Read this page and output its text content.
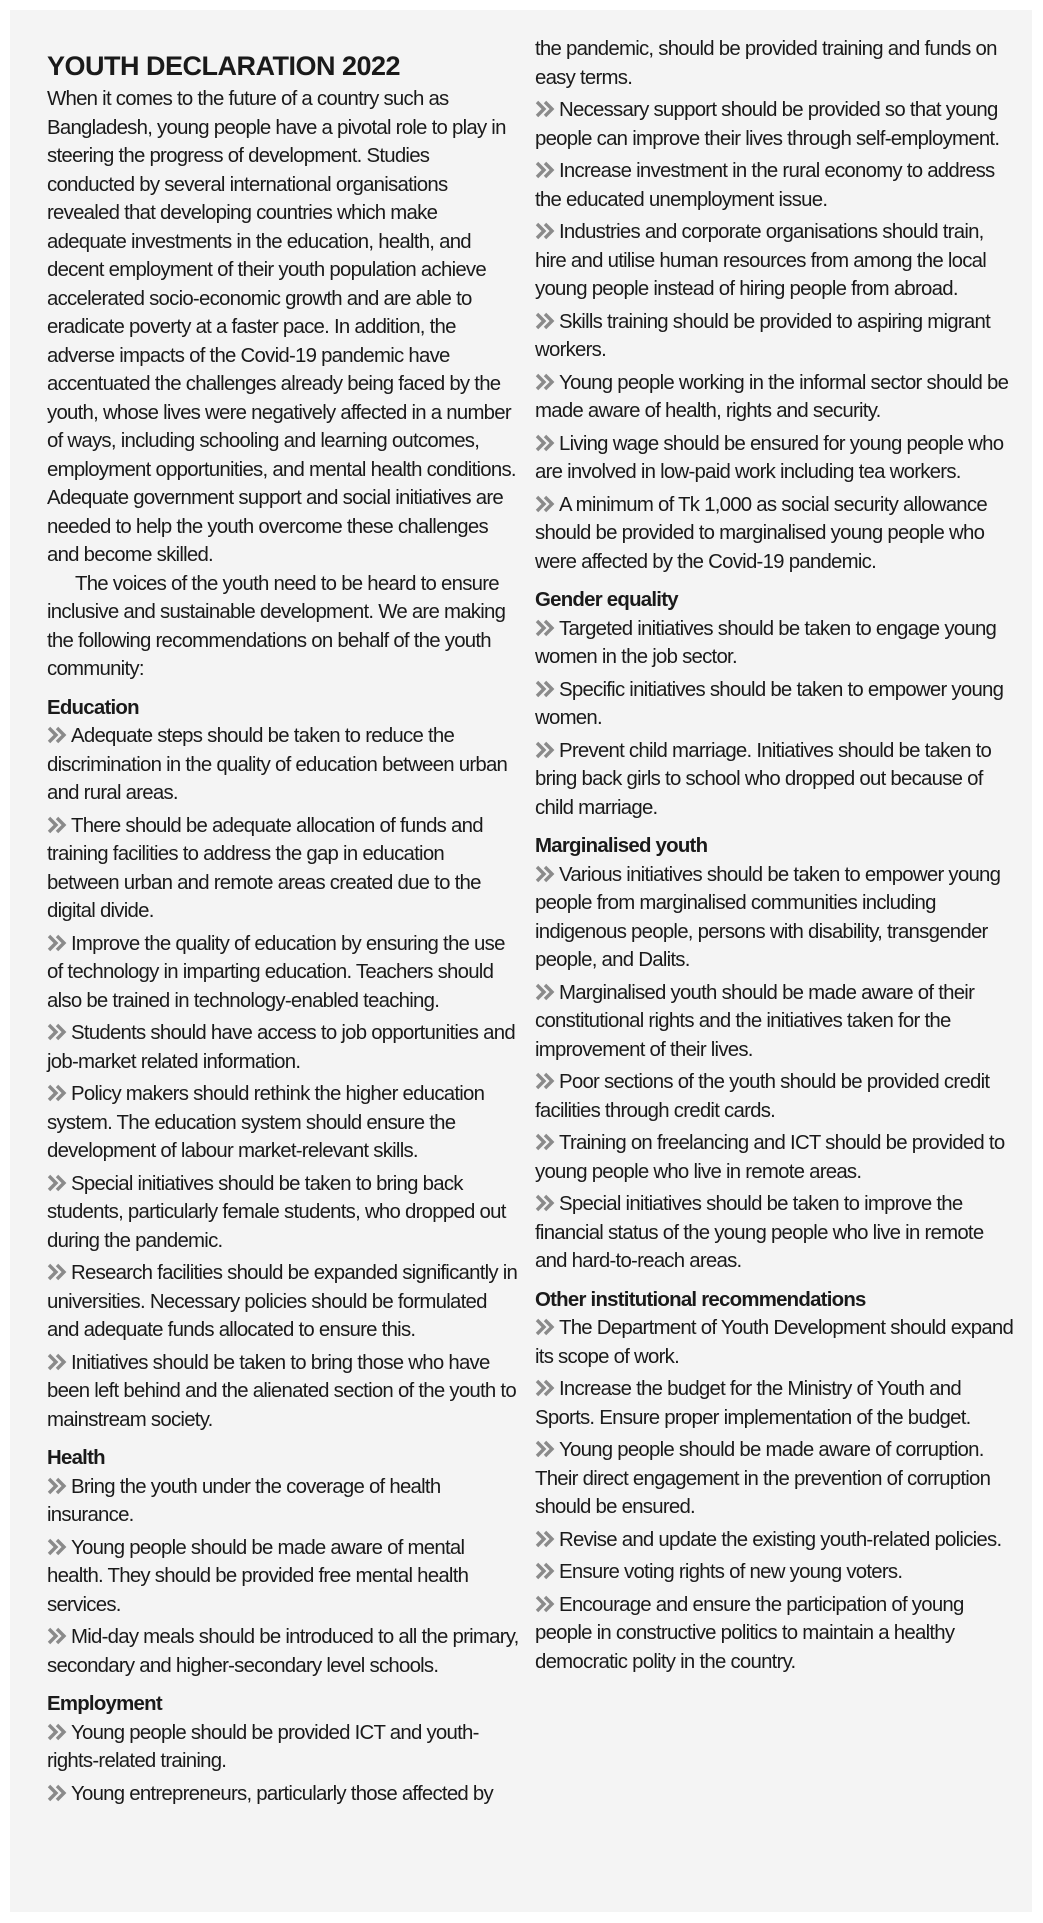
YOUTH DECLARATION 2022

When it comes to the future of a country such as Bangladesh, young people have a pivotal role to play in steering the progress of development. Studies conducted by several international organisations revealed that developing countries which make adequate investments in the education, health, and decent employment of their youth population achieve accelerated socio-economic growth and are able to eradicate poverty at a faster pace. In addition, the adverse impacts of the Covid-19 pandemic have accentuated the challenges already being faced by the youth, whose lives were negatively affected in a number of ways, including schooling and learning outcomes, employment opportunities, and mental health conditions. Adequate government support and social initiatives are needed to help the youth overcome these challenges and become skilled.

The voices of the youth need to be heard to ensure inclusive and sustainable development. We are making the following recommendations on behalf of the youth community:

Education

Adequate steps should be taken to reduce the discrimination in the quality of education between urban and rural areas.

There should be adequate allocation of funds and training facilities to address the gap in education between urban and remote areas created due to the digital divide.

Improve the quality of education by ensuring the use of technology in imparting education. Teachers should also be trained in technology-enabled teaching.

Students should have access to job opportunities and job-market related information.

Policy makers should rethink the higher education system. The education system should ensure the development of labour market-relevant skills.

Special initiatives should be taken to bring back students, particularly female students, who dropped out during the pandemic.

Research facilities should be expanded significantly in universities. Necessary policies should be formulated and adequate funds allocated to ensure this.

Initiatives should be taken to bring those who have been left behind and the alienated section of the youth to mainstream society.

Health

Bring the youth under the coverage of health insurance.

Young people should be made aware of mental health. They should be provided free mental health services.

Mid-day meals should be introduced to all the primary, secondary and higher-secondary level schools.

Employment

Young people should be provided ICT and youth-rights-related training.

Young entrepreneurs, particularly those affected by

the pandemic, should be provided training and funds on easy terms.

Necessary support should be provided so that young people can improve their lives through self-employment.

Increase investment in the rural economy to address the educated unemployment issue.

Industries and corporate organisations should train, hire and utilise human resources from among the local young people instead of hiring people from abroad.

Skills training should be provided to aspiring migrant workers.

Young people working in the informal sector should be made aware of health, rights and security.

Living wage should be ensured for young people who are involved in low-paid work including tea workers.

A minimum of Tk 1,000 as social security allowance should be provided to marginalised young people who were affected by the Covid-19 pandemic.

Gender equality

Targeted initiatives should be taken to engage young women in the job sector.

Specific initiatives should be taken to empower young women.

Prevent child marriage. Initiatives should be taken to bring back girls to school who dropped out because of child marriage.

Marginalised youth

Various initiatives should be taken to empower young people from marginalised communities including indigenous people, persons with disability, transgender people, and Dalits.

Marginalised youth should be made aware of their constitutional rights and the initiatives taken for the improvement of their lives.

Poor sections of the youth should be provided credit facilities through credit cards.

Training on freelancing and ICT should be provided to young people who live in remote areas.

Special initiatives should be taken to improve the financial status of the young people who live in remote and hard-to-reach areas.

Other institutional recommendations

The Department of Youth Development should expand its scope of work.

Increase the budget for the Ministry of Youth and Sports. Ensure proper implementation of the budget.

Young people should be made aware of corruption. Their direct engagement in the prevention of corruption should be ensured.

Revise and update the existing youth-related policies.

Ensure voting rights of new young voters.

Encourage and ensure the participation of young people in constructive politics to maintain a healthy democratic polity in the country.
